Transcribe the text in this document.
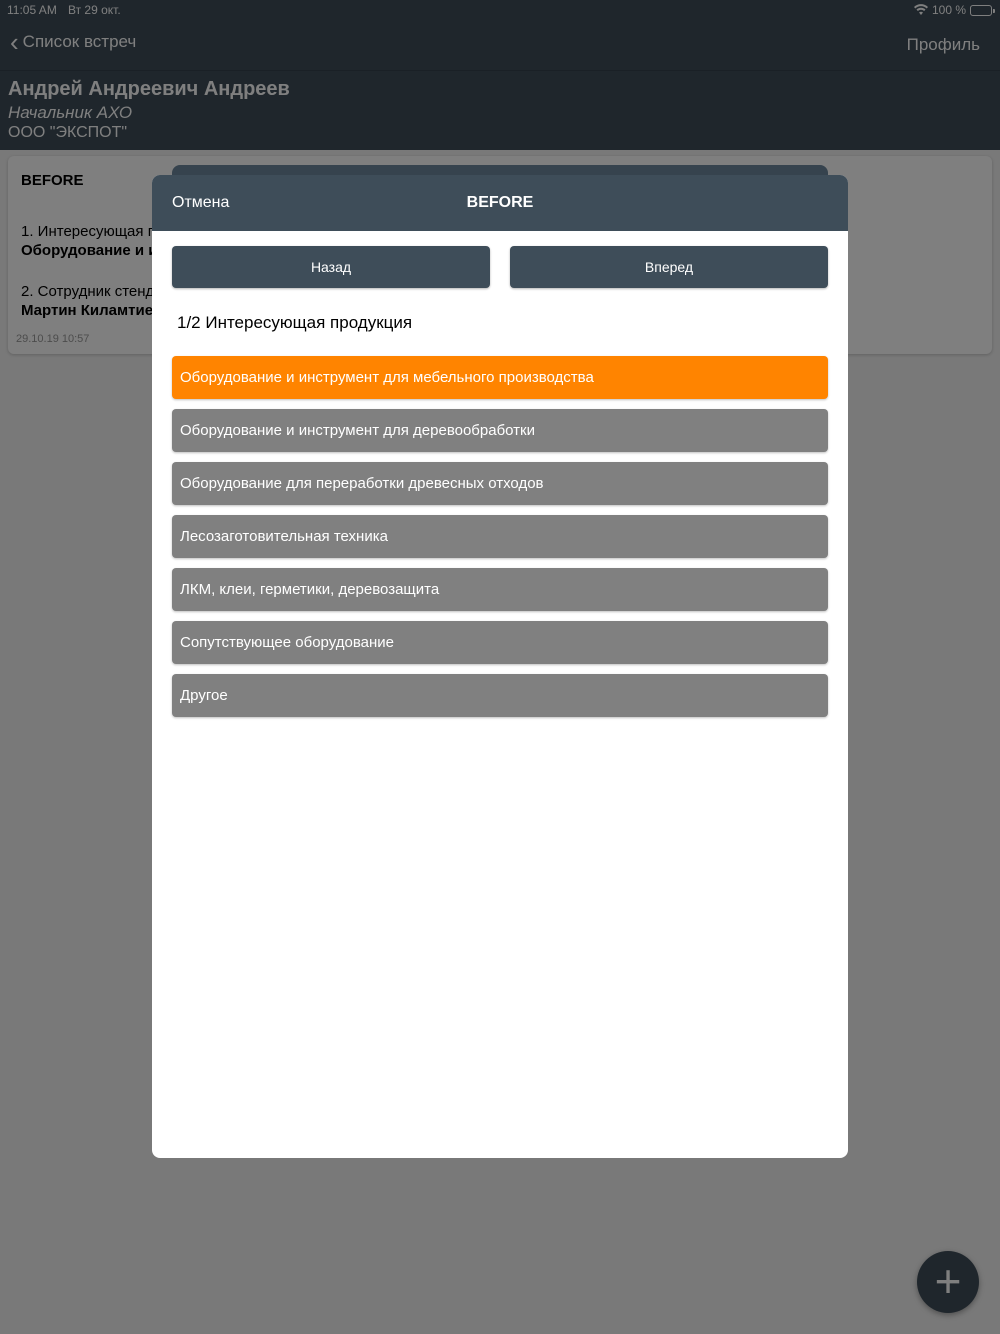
Отмена	BEFORE
Назад	Вперед
1/2 Интересующая продукция
Оборудование и инструмент для мебельного производства
Оборудование и инструмент для деревообработки
Оборудование для переработки древесных отходов
Лесозаготовительная техника
ЛКМ, клеи, герметики, деревозащита
Сопутствующее оборудование
Другое
